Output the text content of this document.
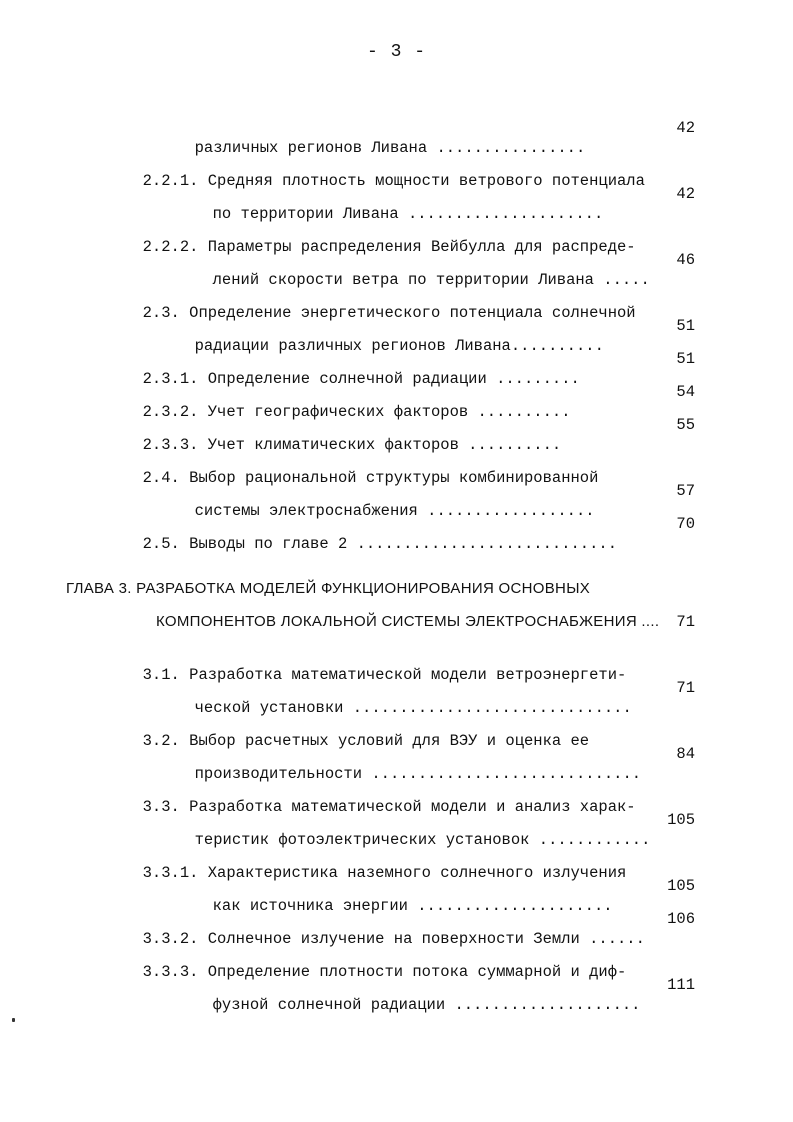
- 3 -

различных регионов Ливана ................

42

2.2.1. Средняя плотность мощности ветрового потенциала

по территории Ливана .....................

42

2.2.2. Параметры распределения Вейбулла для распреде-

лений скорости ветра по территории Ливана .....

46

2.3. Определение энергетического потенциала солнечной

радиации различных регионов Ливана..........

51

2.3.1. Определение солнечной радиации .........

51

2.3.2. Учет географических факторов ..........

54

2.3.3. Учет климатических факторов ..........

55

2.4. Выбор рациональной структуры комбинированной

системы электроснабжения ..................

57

2.5. Выводы по главе 2 ............................

70
ГЛАВА 3. РАЗРАБОТКА МОДЕЛЕЙ ФУНКЦИОНИРОВАНИЯ ОСНОВНЫХ
КОМПОНЕНТОВ ЛОКАЛЬНОЙ СИСТЕМЫ ЭЛЕКТРОСНАБЖЕНИЯ ....	71

3.1. Разработка математической модели ветроэнергети-

ческой установки ..............................

71

3.2. Выбор расчетных условий для ВЭУ и оценка ее

производительности .............................

84

3.3. Разработка математической модели и анализ харак-

теристик фотоэлектрических установок ............

105

3.3.1. Характеристика наземного солнечного излучения

как источника энергии .....................

105

3.3.2. Солнечное излучение на поверхности Земли ......

106

3.3.3. Определение плотности потока суммарной и диф-

фузной солнечной радиации ....................

111
